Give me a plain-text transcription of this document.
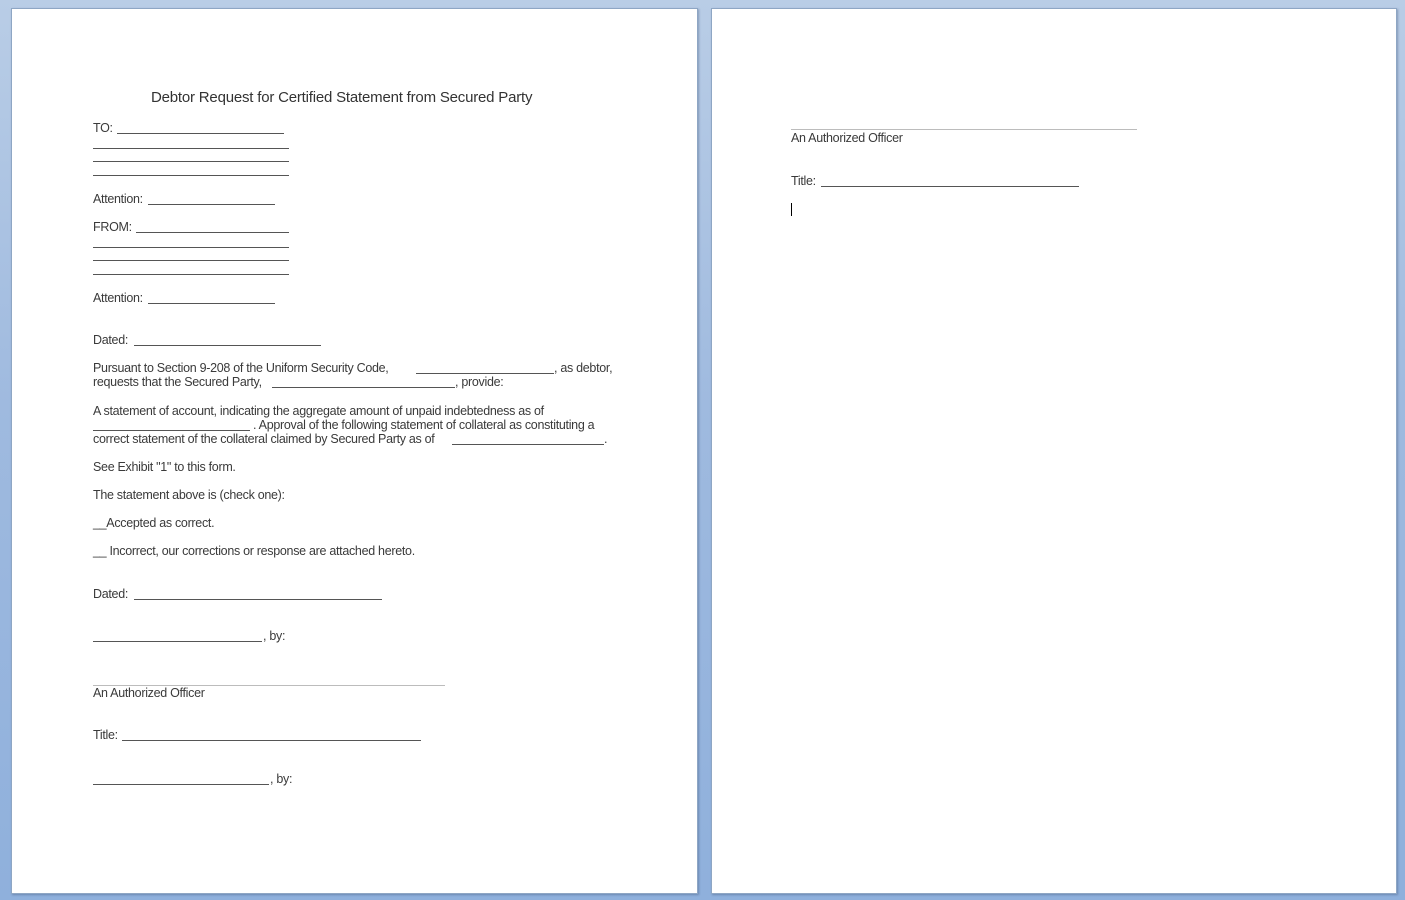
Debtor Request for Certified Statement from Secured Party
TO:
Attention:
FROM:
Attention:
Dated:
Pursuant to Section 9-208 of the Uniform Security Code,	, as debtor,
requests that the Secured Party,	, provide:
A statement of account, indicating the aggregate amount of unpaid indebtedness as of
. Approval of the following statement of collateral as constituting a
correct statement of the collateral claimed by Secured Party as of	.
See Exhibit "1" to this form.
The statement above is (check one):
__Accepted as correct.
__ Incorrect, our corrections or response are attached hereto.
Dated:
, by:
An Authorized Officer
Title:
, by:
An Authorized Officer
Title:
